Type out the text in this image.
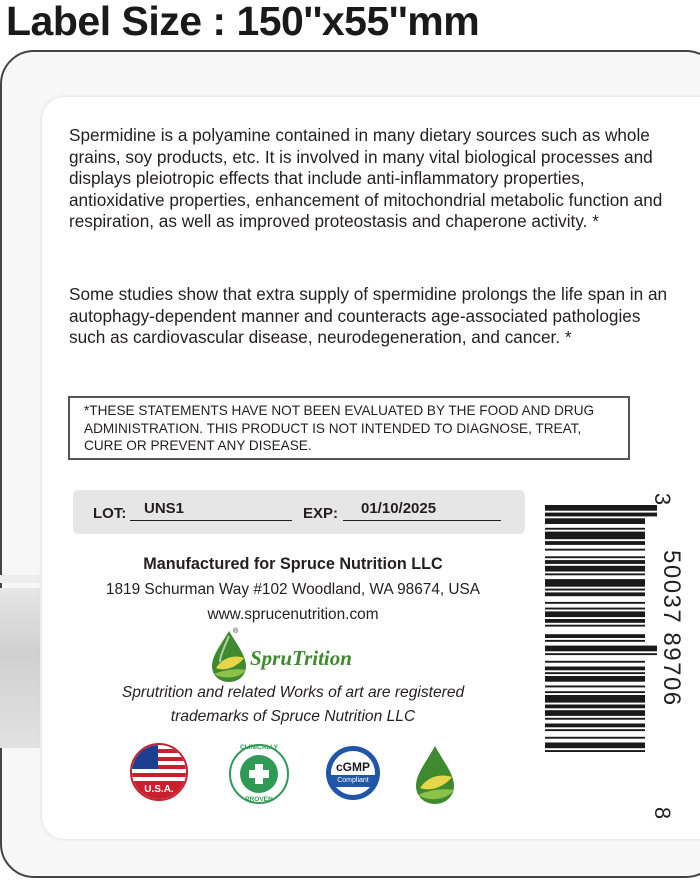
Label Size : 150''x55''mm

Spermidine is a polyamine contained in many dietary sources such as whole grains, soy products, etc. It is involved in many vital biological processes and displays pleiotropic effects that include anti-inflammatory properties, antioxidative properties, enhancement of mitochondrial metabolic function and respiration, as well as improved proteostasis and chaperone activity. *

Some studies show that extra supply of spermidine prolongs the life span in an autophagy-dependent manner and counteracts age-associated pathologies such as cardiovascular disease, neurodegeneration, and cancer. *

*THESE STATEMENTS HAVE NOT BEEN EVALUATED BY THE FOOD AND DRUG ADMINISTRATION. THIS PRODUCT IS NOT INTENDED TO DIAGNOSE, TREAT, CURE OR PREVENT ANY DISEASE.
LOT:	UNS1	EXP:	01/10/2025
Manufactured for Spruce Nutrition LLC
1819 Schurman Way #102 Woodland, WA 98674, USA
www.sprucenutrition.com
®
SpruTrition
Sprutrition and related Works of art are registered
trademarks of Spruce Nutrition LLC
U.S.A.
CLINICALLY
PROVEN
cGMP
Compliant
3
50037 89706
8
